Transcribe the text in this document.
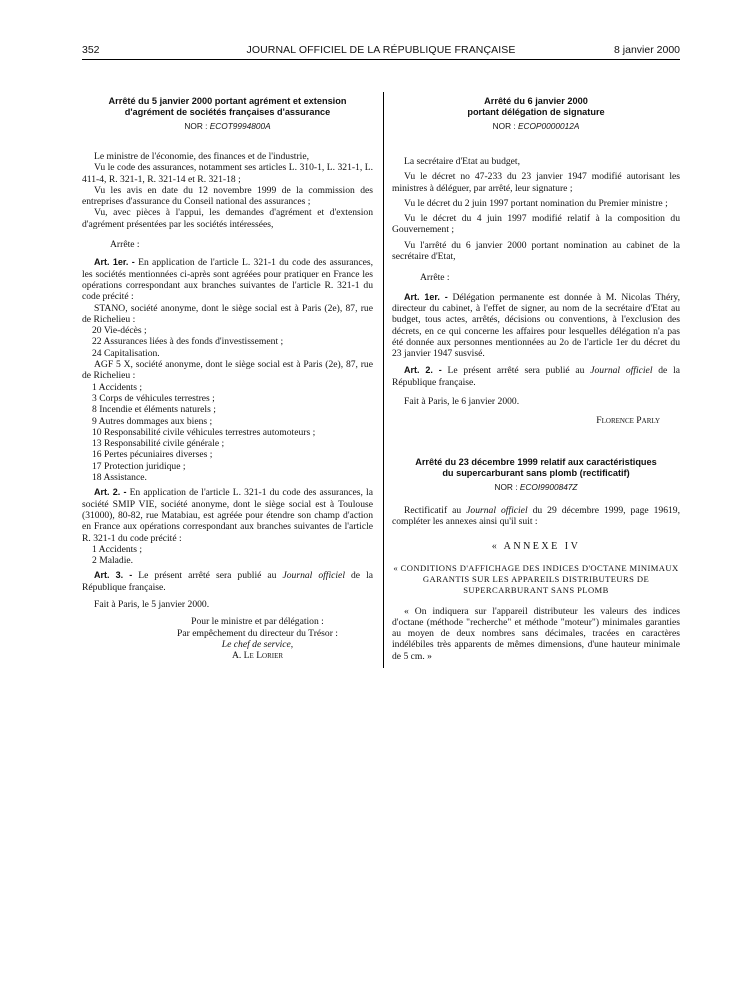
352	JOURNAL OFFICIEL DE LA RÉPUBLIQUE FRANÇAISE	8 janvier 2000
Arrêté du 5 janvier 2000 portant agrément et extension
d'agrément de sociétés françaises d'assurance
NOR : ECOT9994800A

Le ministre de l'économie, des finances et de l'industrie,

Vu le code des assurances, notamment ses articles L. 310-1, L. 321-1, L. 411-4, R. 321-1, R. 321-14 et R. 321-18 ;

Vu les avis en date du 12 novembre 1999 de la commission des entreprises d'assurance du Conseil national des assurances ;

Vu, avec pièces à l'appui, les demandes d'agrément et d'extension d'agrément présentées par les sociétés intéressées,

Arrête :

Art. 1er. - En application de l'article L. 321-1 du code des assurances, les sociétés mentionnées ci-après sont agréées pour pratiquer en France les opérations correspondant aux branches suivantes de l'article R. 321-1 du code précité :

STANO, société anonyme, dont le siège social est à Paris (2e), 87, rue de Richelieu :

20 Vie-décès ;
22 Assurances liées à des fonds d'investissement ;
24 Capitalisation.

AGF 5 X, société anonyme, dont le siège social est à Paris (2e), 87, rue de Richelieu :

1 Accidents ;
3 Corps de véhicules terrestres ;
8 Incendie et éléments naturels ;
9 Autres dommages aux biens ;
10 Responsabilité civile véhicules terrestres automoteurs ;
13 Responsabilité civile générale ;
16 Pertes pécuniaires diverses ;
17 Protection juridique ;
18 Assistance.

Art. 2. - En application de l'article L. 321-1 du code des assurances, la société SMIP VIE, société anonyme, dont le siège social est à Toulouse (31000), 80-82, rue Matabiau, est agréée pour étendre son champ d'action en France aux opérations correspondant aux branches suivantes de l'article R. 321-1 du code précité :

1 Accidents ;
2 Maladie.

Art. 3. - Le présent arrêté sera publié au Journal officiel de la République française.

Fait à Paris, le 5 janvier 2000.

Pour le ministre et par délégation :
Par empêchement du directeur du Trésor :
Le chef de service,
A. Le Lorier
Arrêté du 6 janvier 2000
portant délégation de signature
NOR : ECOP0000012A

La secrétaire d'Etat au budget,

Vu le décret no 47-233 du 23 janvier 1947 modifié autorisant les ministres à déléguer, par arrêté, leur signature ;

Vu le décret du 2 juin 1997 portant nomination du Premier ministre ;

Vu le décret du 4 juin 1997 modifié relatif à la composition du Gouvernement ;

Vu l'arrêté du 6 janvier 2000 portant nomination au cabinet de la secrétaire d'Etat,

Arrête :

Art. 1er. - Délégation permanente est donnée à M. Nicolas Théry, directeur du cabinet, à l'effet de signer, au nom de la secrétaire d'Etat au budget, tous actes, arrêtés, décisions ou conventions, à l'exclusion des décrets, en ce qui concerne les affaires pour lesquelles délégation n'a pas été donnée aux personnes mentionnées au 2o de l'article 1er du décret du 23 janvier 1947 susvisé.

Art. 2. - Le présent arrêté sera publié au Journal officiel de la République française.

Fait à Paris, le 6 janvier 2000.

Florence Parly

Arrêté du 23 décembre 1999 relatif aux caractéristiques
du supercarburant sans plomb (rectificatif)
NOR : ECOI9900847Z

Rectificatif au Journal officiel du 29 décembre 1999, page 19619, compléter les annexes ainsi qu'il suit :

« ANNEXE IV

« CONDITIONS D'AFFICHAGE DES INDICES D'OCTANE MINIMAUX GARANTIS SUR LES APPAREILS DISTRIBUTEURS DE SUPERCARBURANT SANS PLOMB

« On indiquera sur l'appareil distributeur les valeurs des indices d'octane (méthode "recherche" et méthode "moteur") minimales garanties au moyen de deux nombres sans décimales, tracées en caractères indélébiles très apparents de mêmes dimensions, d'une hauteur minimale de 5 cm. »
